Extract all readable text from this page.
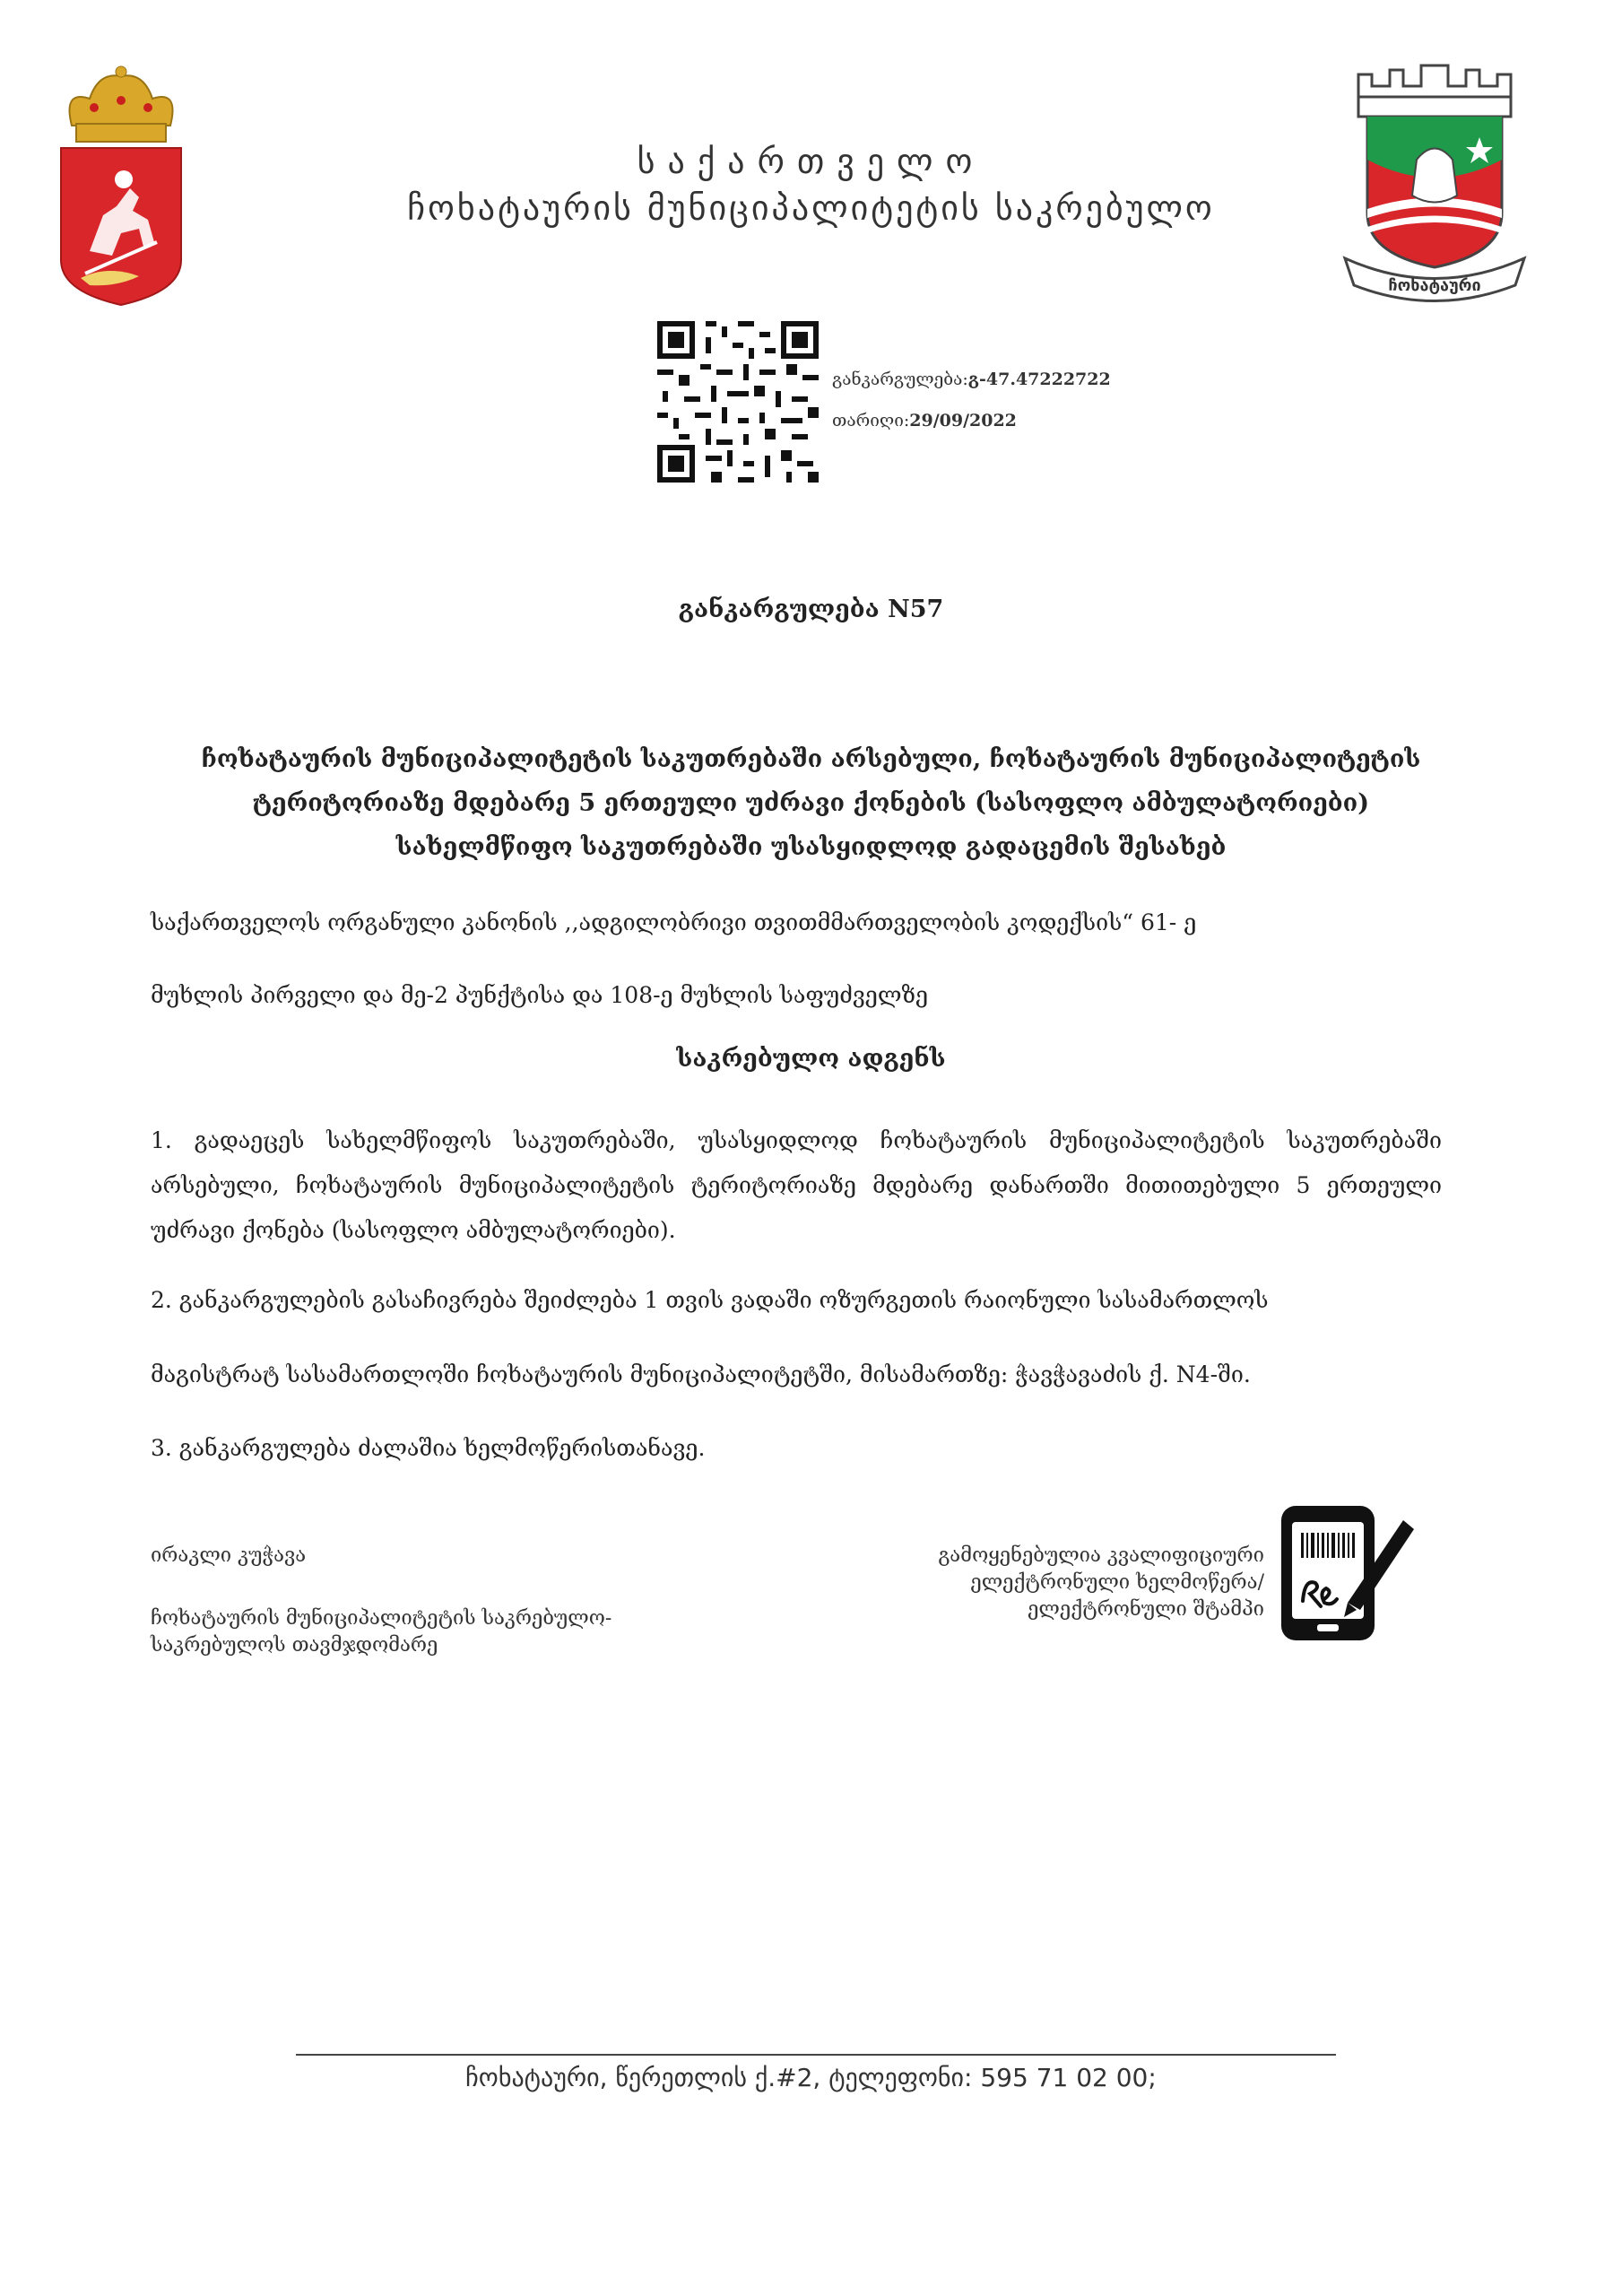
ჩოხატაური
საქართველო
ჩოხატაურის მუნიციპალიტეტის საკრებულო
განკარგულება:გ-47.47222722
თარიღი:29/09/2022
განკარგულება N57
ჩოხატაურის მუნიციპალიტეტის საკუთრებაში არსებული, ჩოხატაურის მუნიციპალიტეტის
ტერიტორიაზე მდებარე 5 ერთეული უძრავი ქონების (სასოფლო ამბულატორიები)
სახელმწიფო საკუთრებაში უსასყიდლოდ გადაცემის შესახებ
საქართველოს ორგანული კანონის ,,ადგილობრივი თვითმმართველობის კოდექსის“ 61- ე
მუხლის პირველი და მე-2 პუნქტისა და 108-ე მუხლის საფუძველზე
საკრებულო ადგენს
1. გადაეცეს სახელმწიფოს საკუთრებაში, უსასყიდლოდ ჩოხატაურის მუნიციპალიტეტის საკუთრებაში არსებული, ჩოხატაურის მუნიციპალიტეტის ტერიტორიაზე მდებარე დანართში მითითებული 5 ერთეული უძრავი ქონება (სასოფლო ამბულატორიები).
2. განკარგულების გასაჩივრება შეიძლება 1 თვის ვადაში ოზურგეთის რაიონული სასამართლოს
მაგისტრატ სასამართლოში ჩოხატაურის მუნიციპალიტეტში, მისამართზე: ჭავჭავაძის ქ. N4-ში.
3. განკარგულება ძალაშია ხელმოწერისთანავე.
ირაკლი კუჭავა
ჩოხატაურის მუნიციპალიტეტის საკრებულო-
საკრებულოს თავმჯდომარე
გამოყენებულია კვალიფიციური
ელექტრონული ხელმოწერა/
ელექტრონული შტამპი
ჩოხატაური, წერეთლის ქ.#2, ტელეფონი: 595 71 02 00;
